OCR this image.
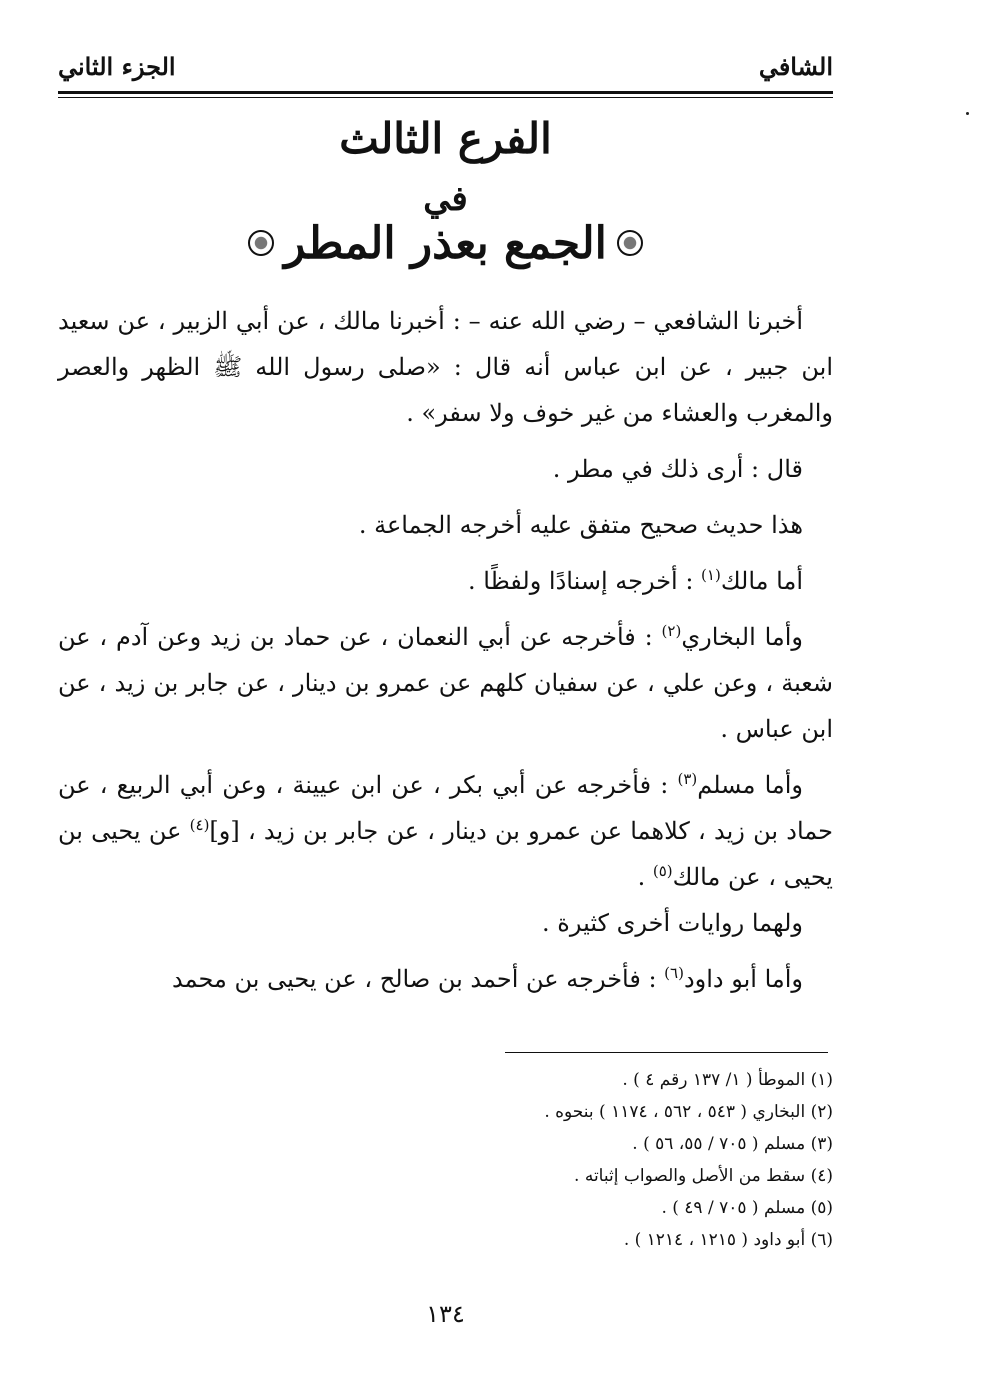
الشافي
الجزء الثاني
الفرع الثالث
في
الجمع بعذر المطر

أخبرنا الشافعي – رضي الله عنه – : أخبرنا مالك ، عن أبي الزبير ، عن سعيد ابن جبير ، عن ابن عباس أنه قال : «صلى رسول الله ﷺ الظهر والعصر والمغرب والعشاء من غير خوف ولا سفر» .

قال : أرى ذلك في مطر .

هذا حديث صحيح متفق عليه أخرجه الجماعة .

أما مالك$^{(١)}$ : أخرجه إسنادًا ولفظًا .

وأما البخاري$^{(٢)}$ : فأخرجه عن أبي النعمان ، عن حماد بن زيد وعن آدم ، عن شعبة ، وعن علي ، عن سفيان كلهم عن عمرو بن دينار ، عن جابر بن زيد ، عن ابن عباس .

وأما مسلم$^{(٣)}$ : فأخرجه عن أبي بكر ، عن ابن عيينة ، وعن أبي الربيع ، عن حماد بن زيد ، كلاهما عن عمرو بن دينار ، عن جابر بن زيد ، [و]$^{(٤)}$ عن يحيى بن يحيى ، عن مالك$^{(٥)}$ .

ولهما روايات أخرى كثيرة .

وأما أبو داود$^{(٦)}$ : فأخرجه عن أحمد بن صالح ، عن يحيى بن محمد

(١) الموطأ ( ١/ ١٣٧ رقم ٤ ) .

(٢) البخاري ( ٥٤٣ ، ٥٦٢ ، ١١٧٤ ) بنحوه .

(٣) مسلم ( ٧٠٥ / ٥٥، ٥٦ ) .

(٤) سقط من الأصل والصواب إثباته .

(٥) مسلم ( ٧٠٥ / ٤٩ ) .

(٦) أبو داود ( ١٢١٥ ، ١٢١٤ ) .

١٣٤
